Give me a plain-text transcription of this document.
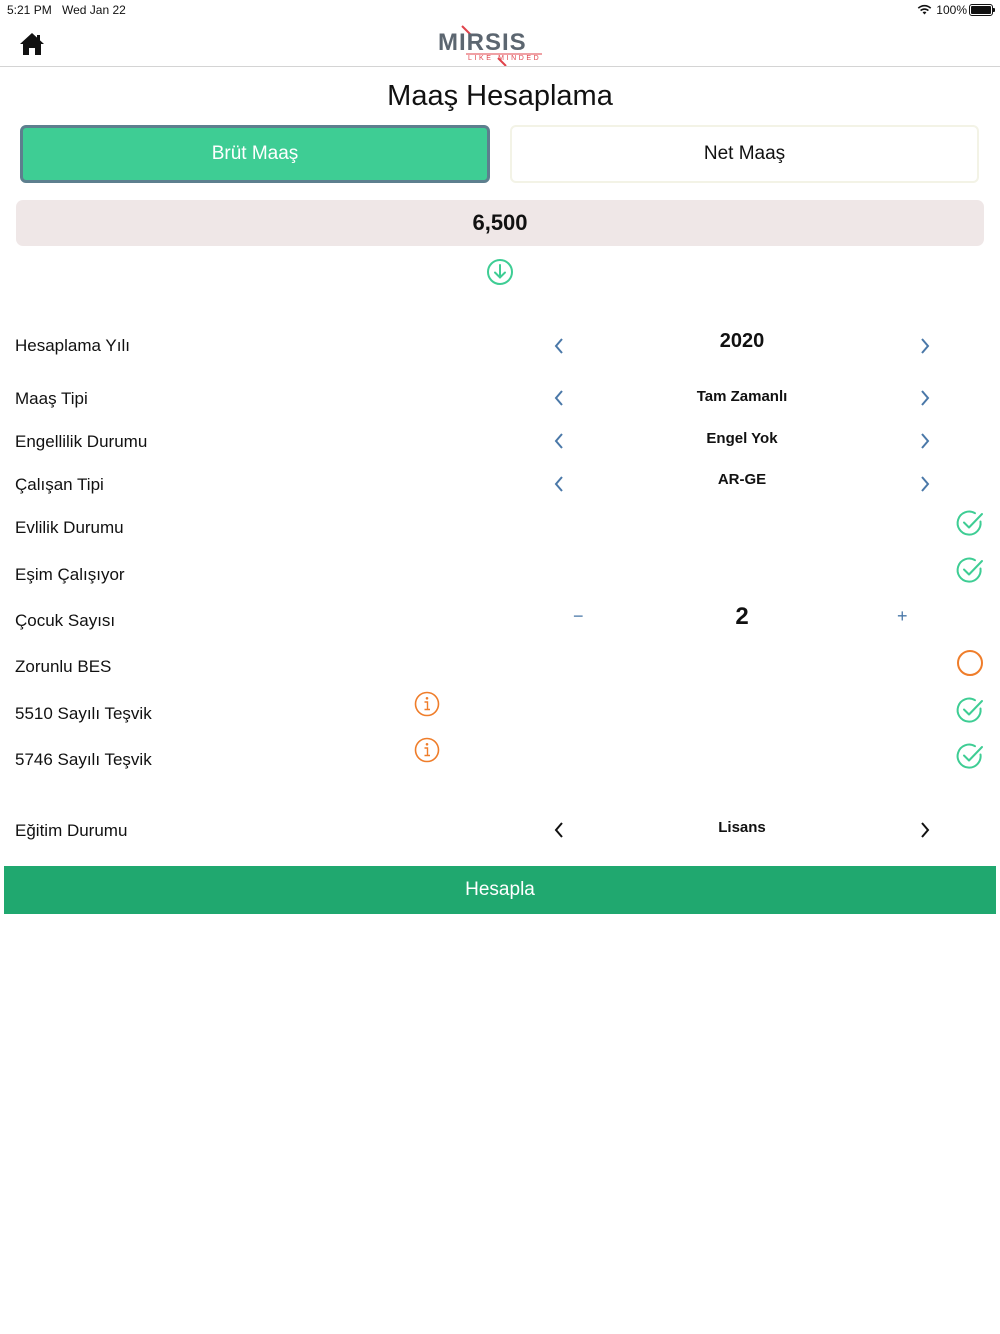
5:21 PM Wed Jan 22	100%
MIRSIS
LIKE MINDED
Maaş Hesaplama
Brüt Maaş	Net Maaş
6,500
Hesaplama Yılı	2020
Maaş Tipi	Tam Zamanlı
Engellilik Durumu	Engel Yok
Çalışan Tipi	AR-GE
Evlilik Durumu
Eşim Çalışıyor
Çocuk Sayısı	−	2	+
Zorunlu BES
5510 Sayılı Teşvik
5746 Sayılı Teşvik
Eğitim Durumu	Lisans
Hesapla
